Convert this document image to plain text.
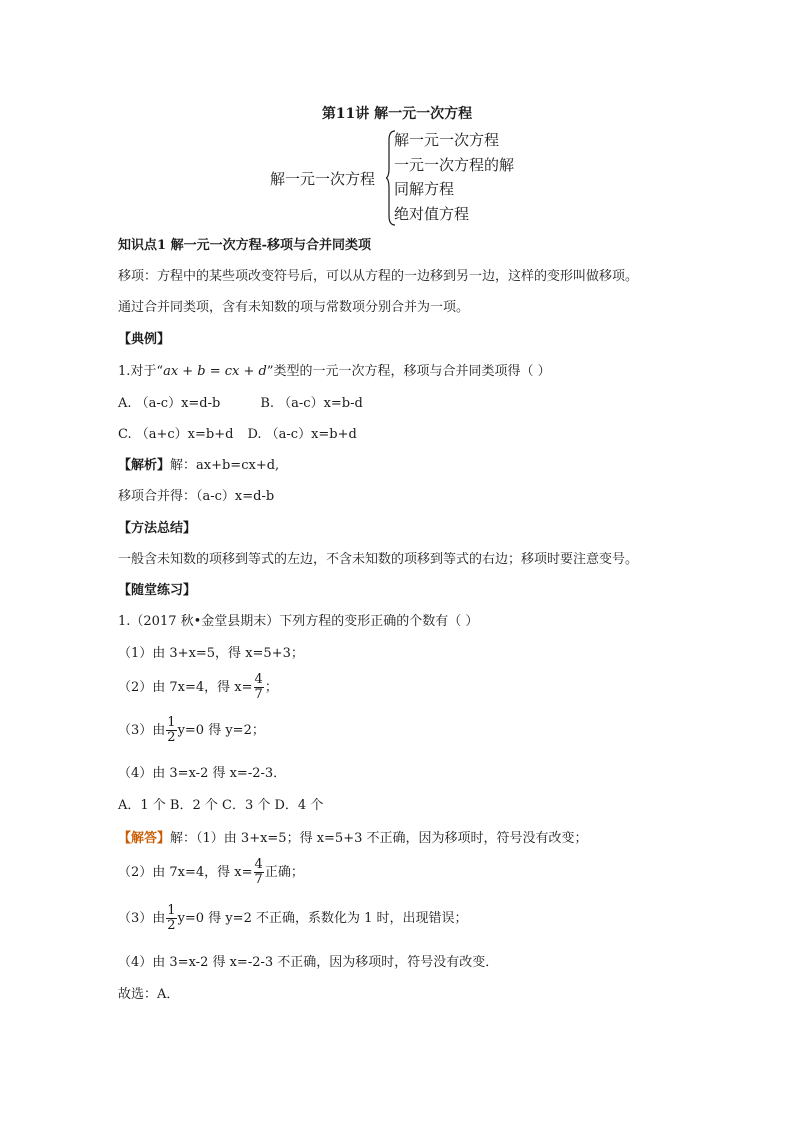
第11讲 解一元一次方程
解一元一次方程
解一元一次方程
一元一次方程的解
同解方程
绝对值方程
知识点1 解一元一次方程-移项与合并同类项
移项：方程中的某些项改变符号后，可以从方程的一边移到另一边，这样的变形叫做移项。
通过合并同类项，含有未知数的项与常数项分别合并为一项。
【典例】
1.对于“ax + b = cx + d”类型的一元一次方程，移项与合并同类项得（ ）
A. （a-c）x=d-b	B. （a-c）x=b-d
C. （a+c）x=b+d D. （a-c）x=b+d
【解析】解：ax+b=cx+d,
移项合并得：（a-c）x=d-b
【方法总结】
一般含未知数的项移到等式的左边，不含未知数的项移到等式的右边；移项时要注意变号。
【随堂练习】
1.（2017 秋•金堂县期末）下列方程的变形正确的个数有（ ）
（1）由 3+x=5，得 x=5+3；
（2）由 7x=4，得 $x= \frac{4}{7}$ ；
（3）由 $\frac{1}{2} y=0$ 得 y=2；
（4）由 3=x-2 得 x=-2-3．
A．1 个 B．2 个 C．3 个 D．4 个
【解答】解：（1）由 3+x=5；得 x=5+3 不正确，因为移项时，符号没有改变；
（2）由 7x=4，得 $x= \frac{4}{7}$ 正确；
（3）由 $\frac{1}{2} y=0$ 得 y=2 不正确，系数化为 1 时，出现错误；
（4）由 3=x-2 得 x=-2-3 不正确，因为移项时，符号没有改变．
故选：A．
